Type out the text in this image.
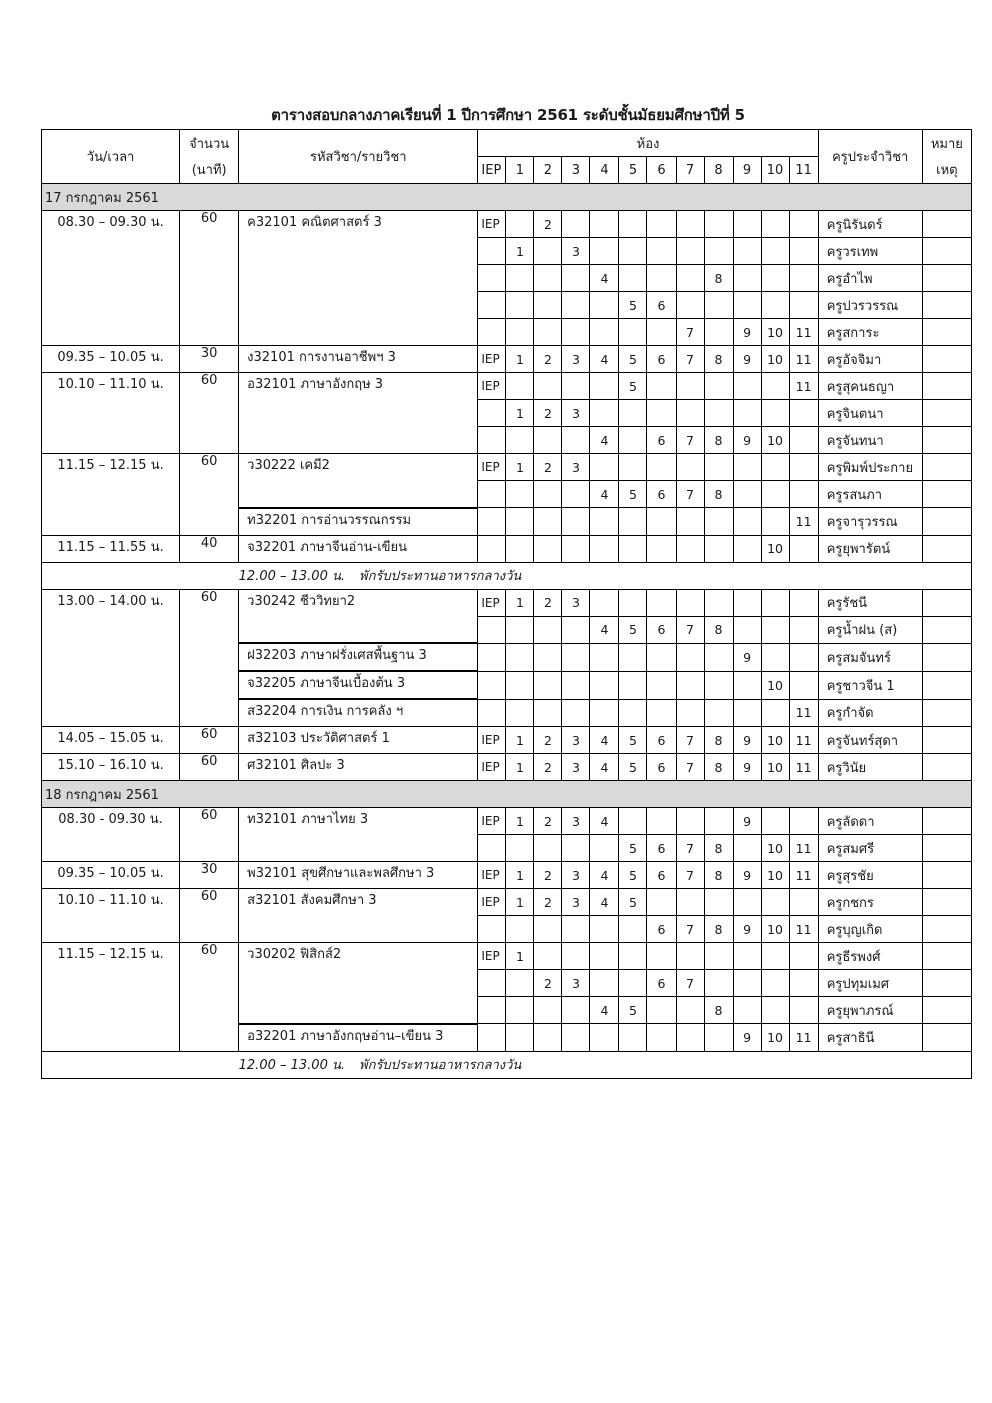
ตารางสอบกลางภาคเรียนที่ 1 ปีการศึกษา 2561 ระดับชั้นมัธยมศึกษาปีที่ 5
วัน/เวลา	จำนวน	รหัสวิชา/รายวิชา	ห้อง												ครูประจำวิชา	หมาย
	(นาที)		IEP	1	2	3	4	5	6	7	8	9	10	11		เหตุ
17 กรกฎาคม 2561																
08.30 – 09.30 น.	60	ค32101 คณิตศาสตร์ 3	IEP		2										ครูนิรันดร์	
				1		3									ครูวรเทพ	
							4				8				ครูอำไพ	
								5	6						ครูปวรวรรณ	
										7		9	10	11	ครูสการะ	
09.35 – 10.05 น.	30	ง32101 การงานอาชีพฯ 3	IEP	1	2	3	4	5	6	7	8	9	10	11	ครูอัจจิมา	
10.10 – 11.10 น.	60	อ32101 ภาษาอังกฤษ 3	IEP					5						11	ครูสุคนธญา	
				1	2	3									ครูจินตนา	
							4		6	7	8	9	10		ครูจันทนา	
11.15 – 12.15 น.	60	ว30222 เคมี2	IEP	1	2	3									ครูพิมพ์ประกาย	
							4	5	6	7	8				ครูรสนภา	
		ท32201 การอ่านวรรณกรรม												11	ครูจารุวรรณ	
11.15 – 11.55 น.	40	จ32201 ภาษาจีนอ่าน-เขียน											10		ครูยุพารัตน์	
12.00 – 13.00 น. พักรับประทานอาหารกลางวัน																
13.00 – 14.00 น.	60	ว30242 ชีววิทยา2	IEP	1	2	3									ครูรัชนี	
							4	5	6	7	8				ครูน้ำฝน (ส)	
		ฝ32203 ภาษาฝรั่งเศสพื้นฐาน 3										9			ครูสมจันทร์	
		จ32205 ภาษาจีนเบื้องต้น 3											10		ครูชาวจีน 1	
		ส32204 การเงิน การคลัง ฯ												11	ครูกำจัด	
14.05 – 15.05 น.	60	ส32103 ประวัติศาสตร์ 1	IEP	1	2	3	4	5	6	7	8	9	10	11	ครูจันทร์สุดา	
15.10 – 16.10 น.	60	ศ32101 ศิลปะ 3	IEP	1	2	3	4	5	6	7	8	9	10	11	ครูวินัย	
18 กรกฎาคม 2561																
08.30 - 09.30 น.	60	ท32101 ภาษาไทย 3	IEP	1	2	3	4					9			ครูลัดดา	
								5	6	7	8		10	11	ครูสมศรี	
09.35 – 10.05 น.	30	พ32101 สุขศึกษาและพลศึกษา 3	IEP	1	2	3	4	5	6	7	8	9	10	11	ครูสุรชัย	
10.10 – 11.10 น.	60	ส32101 สังคมศึกษา 3	IEP	1	2	3	4	5							ครูกชกร	
									6	7	8	9	10	11	ครูบุญเกิด	
11.15 – 12.15 น.	60	ว30202 ฟิสิกส์2	IEP	1											ครูธีรพงศ์	
					2	3			6	7					ครูปทุมเมศ	
							4	5			8				ครูยุพาภรณ์	
		อ32201 ภาษาอังกฤษอ่าน–เขียน 3										9	10	11	ครูสาธินี	
12.00 – 13.00 น. พักรับประทานอาหารกลางวัน																
